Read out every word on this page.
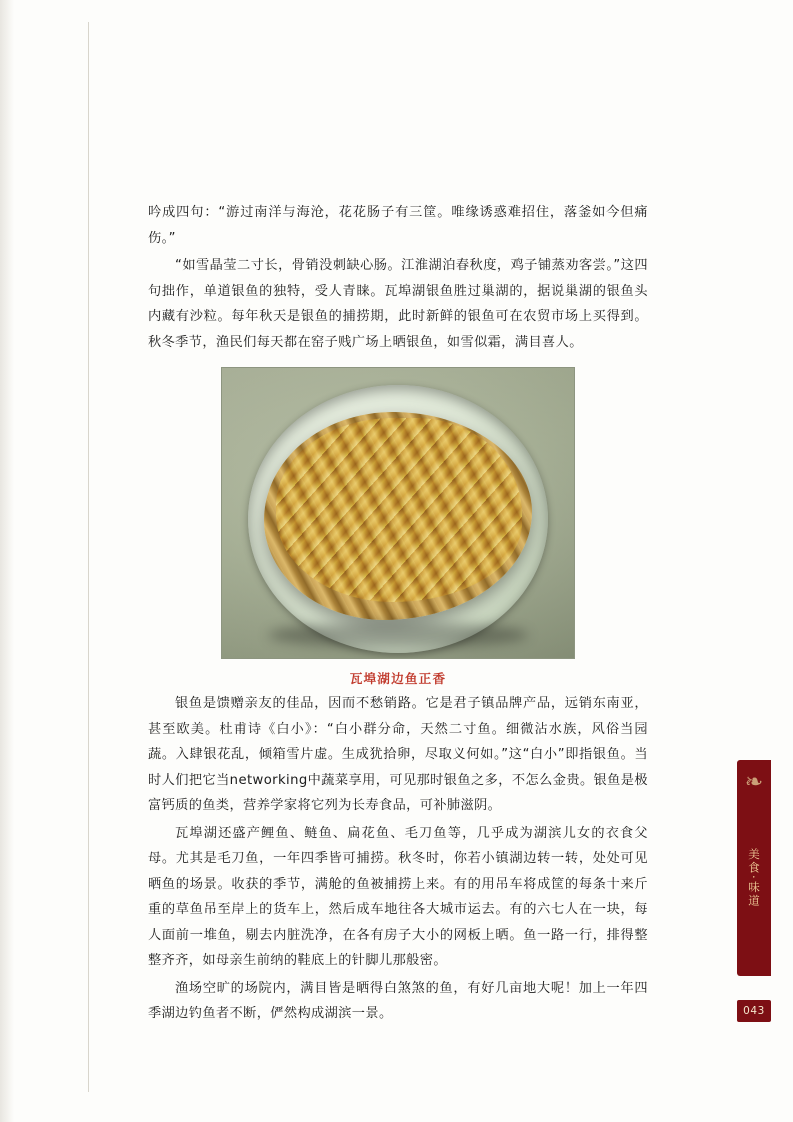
吟成四句：“游过南洋与海沧，花花肠子有三筐。唯缘诱惑难招住，落釜如今但痛伤。”

“如雪晶莹二寸长，骨销没刺缺心肠。江淮湖泊春秋度，鸡子铺蒸劝客尝。”这四句拙作，单道银鱼的独特，受人青睐。瓦埠湖银鱼胜过巢湖的，据说巢湖的银鱼头内藏有沙粒。每年秋天是银鱼的捕捞期，此时新鲜的银鱼可在农贸市场上买得到。秋冬季节，渔民们每天都在窑子贱广场上晒银鱼，如雪似霜，满目喜人。

瓦埠湖边鱼正香

银鱼是馈赠亲友的佳品，因而不愁销路。它是君子镇品牌产品，远销东南亚，甚至欧美。杜甫诗《白小》：“白小群分命，天然二寸鱼。细微沾水族，风俗当园蔬。入肆银花乱，倾箱雪片虚。生成犹拾卵，尽取义何如。”这“白小”即指银鱼。当时人们把它当networking中蔬菜享用，可见那时银鱼之多，不怎么金贵。银鱼是极富钙质的鱼类，营养学家将它列为长寿食品，可补肺滋阴。

瓦埠湖还盛产鲤鱼、鲢鱼、扁花鱼、毛刀鱼等，几乎成为湖滨儿女的衣食父母。尤其是毛刀鱼，一年四季皆可捕捞。秋冬时，你若小镇湖边转一转，处处可见晒鱼的场景。收获的季节，满舱的鱼被捕捞上来。有的用吊车将成筐的每条十来斤重的草鱼吊至岸上的货车上，然后成车地往各大城市运去。有的六七人在一块，每人面前一堆鱼，剔去内脏洗净，在各有房子大小的网板上晒。鱼一路一行，排得整整齐齐，如母亲生前纳的鞋底上的针脚儿那般密。

渔场空旷的场院内，满目皆是晒得白煞煞的鱼，有好几亩地大呢！加上一年四季湖边钓鱼者不断，俨然构成湖滨一景。

❧
美食·味道
043
